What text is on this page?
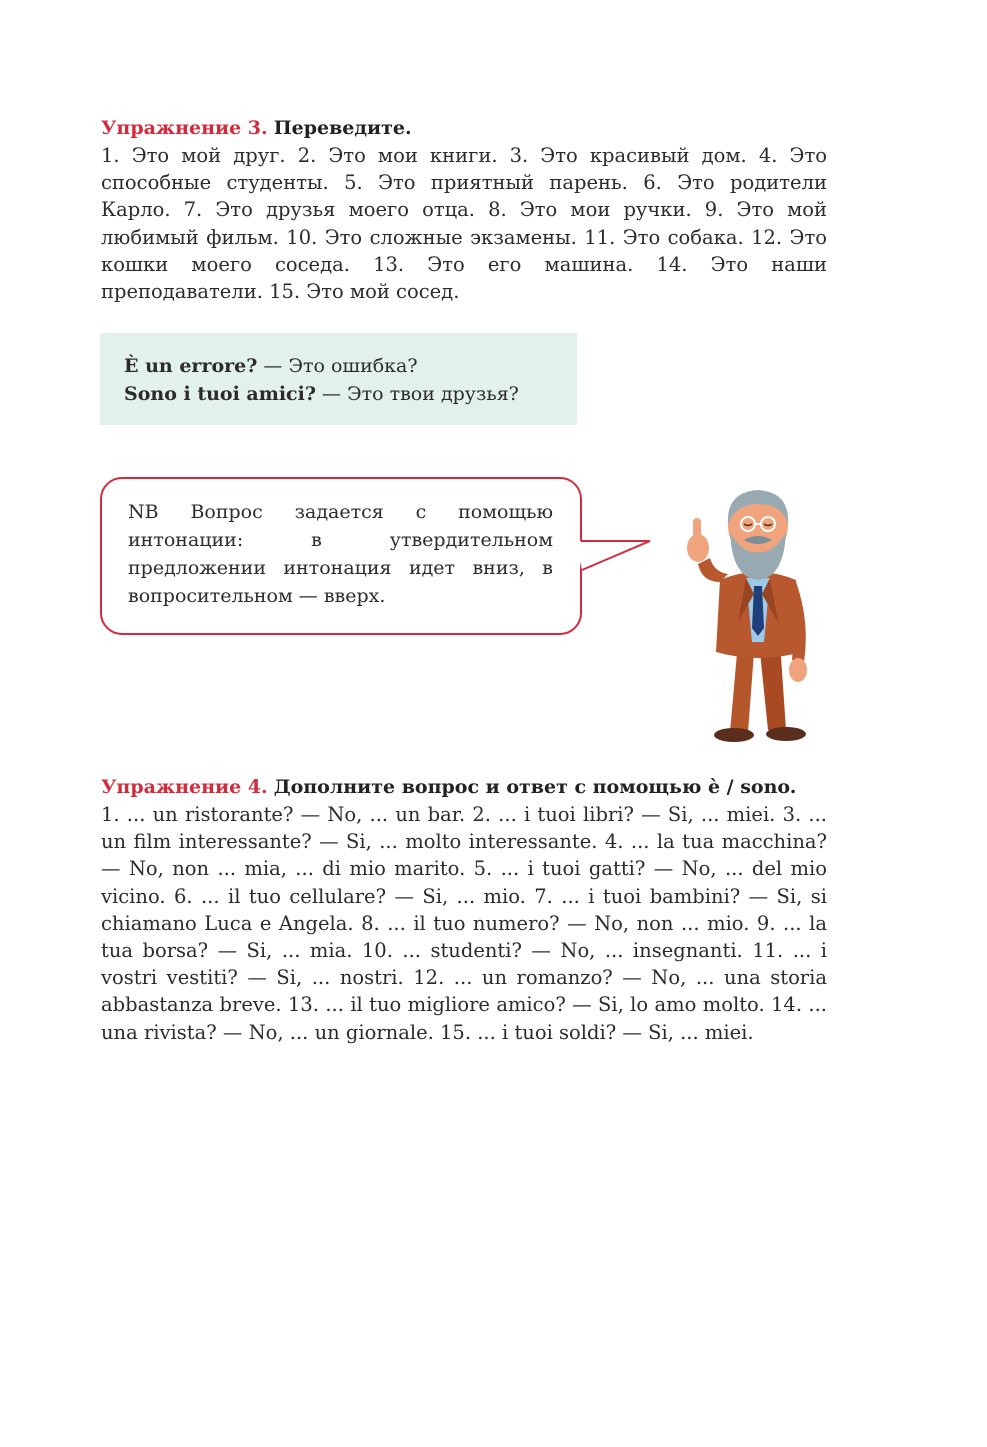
Упражнение 3. Переведите.

1. Это мой друг. 2. Это мои книги. 3. Это красивый дом. 4. Это способные студенты. 5. Это приятный парень. 6. Это родители Карло. 7. Это друзья моего отца. 8. Это мои ручки. 9. Это мой любимый фильм. 10. Это сложные экзамены. 11. Это собака. 12. Это кошки моего соседа. 13. Это его машина. 14. Это наши преподаватели. 15. Это мой сосед.

È un errore? — Это ошибка?
Sono i tuoi amici? — Это твои друзья?

NB Вопрос задается с помощью интонации: в утвердительном предложении интонация идет вниз, в вопросительном — вверх.

Упражнение 4. Дополните вопрос и ответ с помощью è / sono.

1. ... un ristorante? — No, ... un bar. 2. ... i tuoi libri? — Si, ... miei. 3. ... un film interessante? — Si, ... molto interessante. 4. ... la tua macchina? — No, non ... mia, ... di mio marito. 5. ... i tuoi gatti? — No, ... del mio vicino. 6. ... il tuo cellulare? — Si, ... mio. 7. ... i tuoi bambini? — Si, si chiamano Luca e Angela. 8. ... il tuo numero? — No, non ... mio. 9. ... la tua borsa? — Si, ... mia. 10. ... studenti? — No, ... insegnanti. 11. ... i vostri vestiti? — Si, ... nostri. 12. ... un romanzo? — No, ... una storia abbastanza breve. 13. ... il tuo migliore amico? — Si, lo amo molto. 14. ... una rivista? — No, ... un giornale. 15. ... i tuoi soldi? — Si, ... miei.
